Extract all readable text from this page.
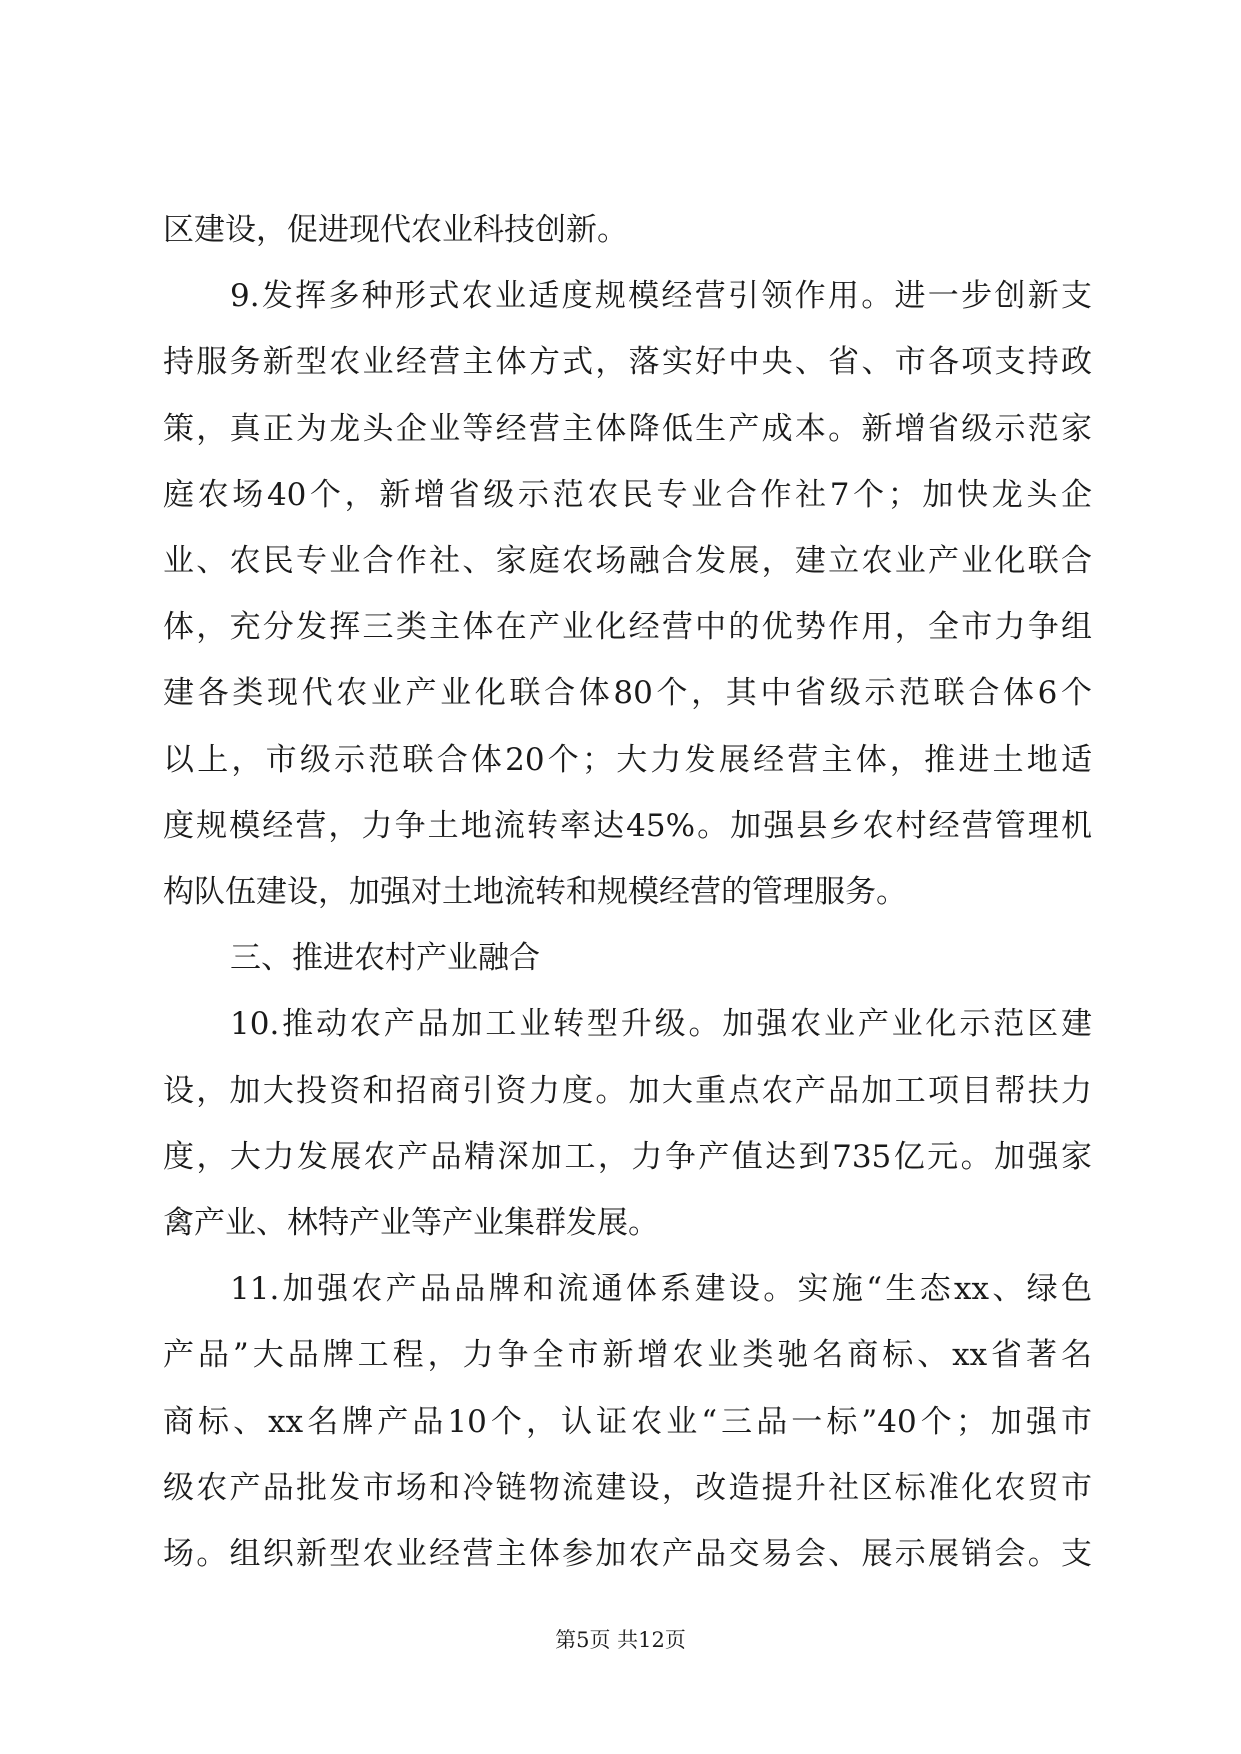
区建设，促进现代农业科技创新。
9.发挥多种形式农业适度规模经营引领作用。进一步创新支
持服务新型农业经营主体方式，落实好中央、省、市各项支持政
策，真正为龙头企业等经营主体降低生产成本。新增省级示范家
庭农场40个，新增省级示范农民专业合作社7个；加快龙头企
业、农民专业合作社、家庭农场融合发展，建立农业产业化联合
体，充分发挥三类主体在产业化经营中的优势作用，全市力争组
建各类现代农业产业化联合体80个，其中省级示范联合体6个
以上，市级示范联合体20个；大力发展经营主体，推进土地适
度规模经营，力争土地流转率达45%。加强县乡农村经营管理机
构队伍建设，加强对土地流转和规模经营的管理服务。
三、推进农村产业融合
10.推动农产品加工业转型升级。加强农业产业化示范区建
设，加大投资和招商引资力度。加大重点农产品加工项目帮扶力
度，大力发展农产品精深加工，力争产值达到735亿元。加强家
禽产业、林特产业等产业集群发展。
11.加强农产品品牌和流通体系建设。实施“生态xx、绿色
产品”大品牌工程，力争全市新增农业类驰名商标、xx省著名
商标、xx名牌产品10个，认证农业“三品一标”40个；加强市
级农产品批发市场和冷链物流建设，改造提升社区标准化农贸市
场。组织新型农业经营主体参加农产品交易会、展示展销会。支
第5页 共12页
